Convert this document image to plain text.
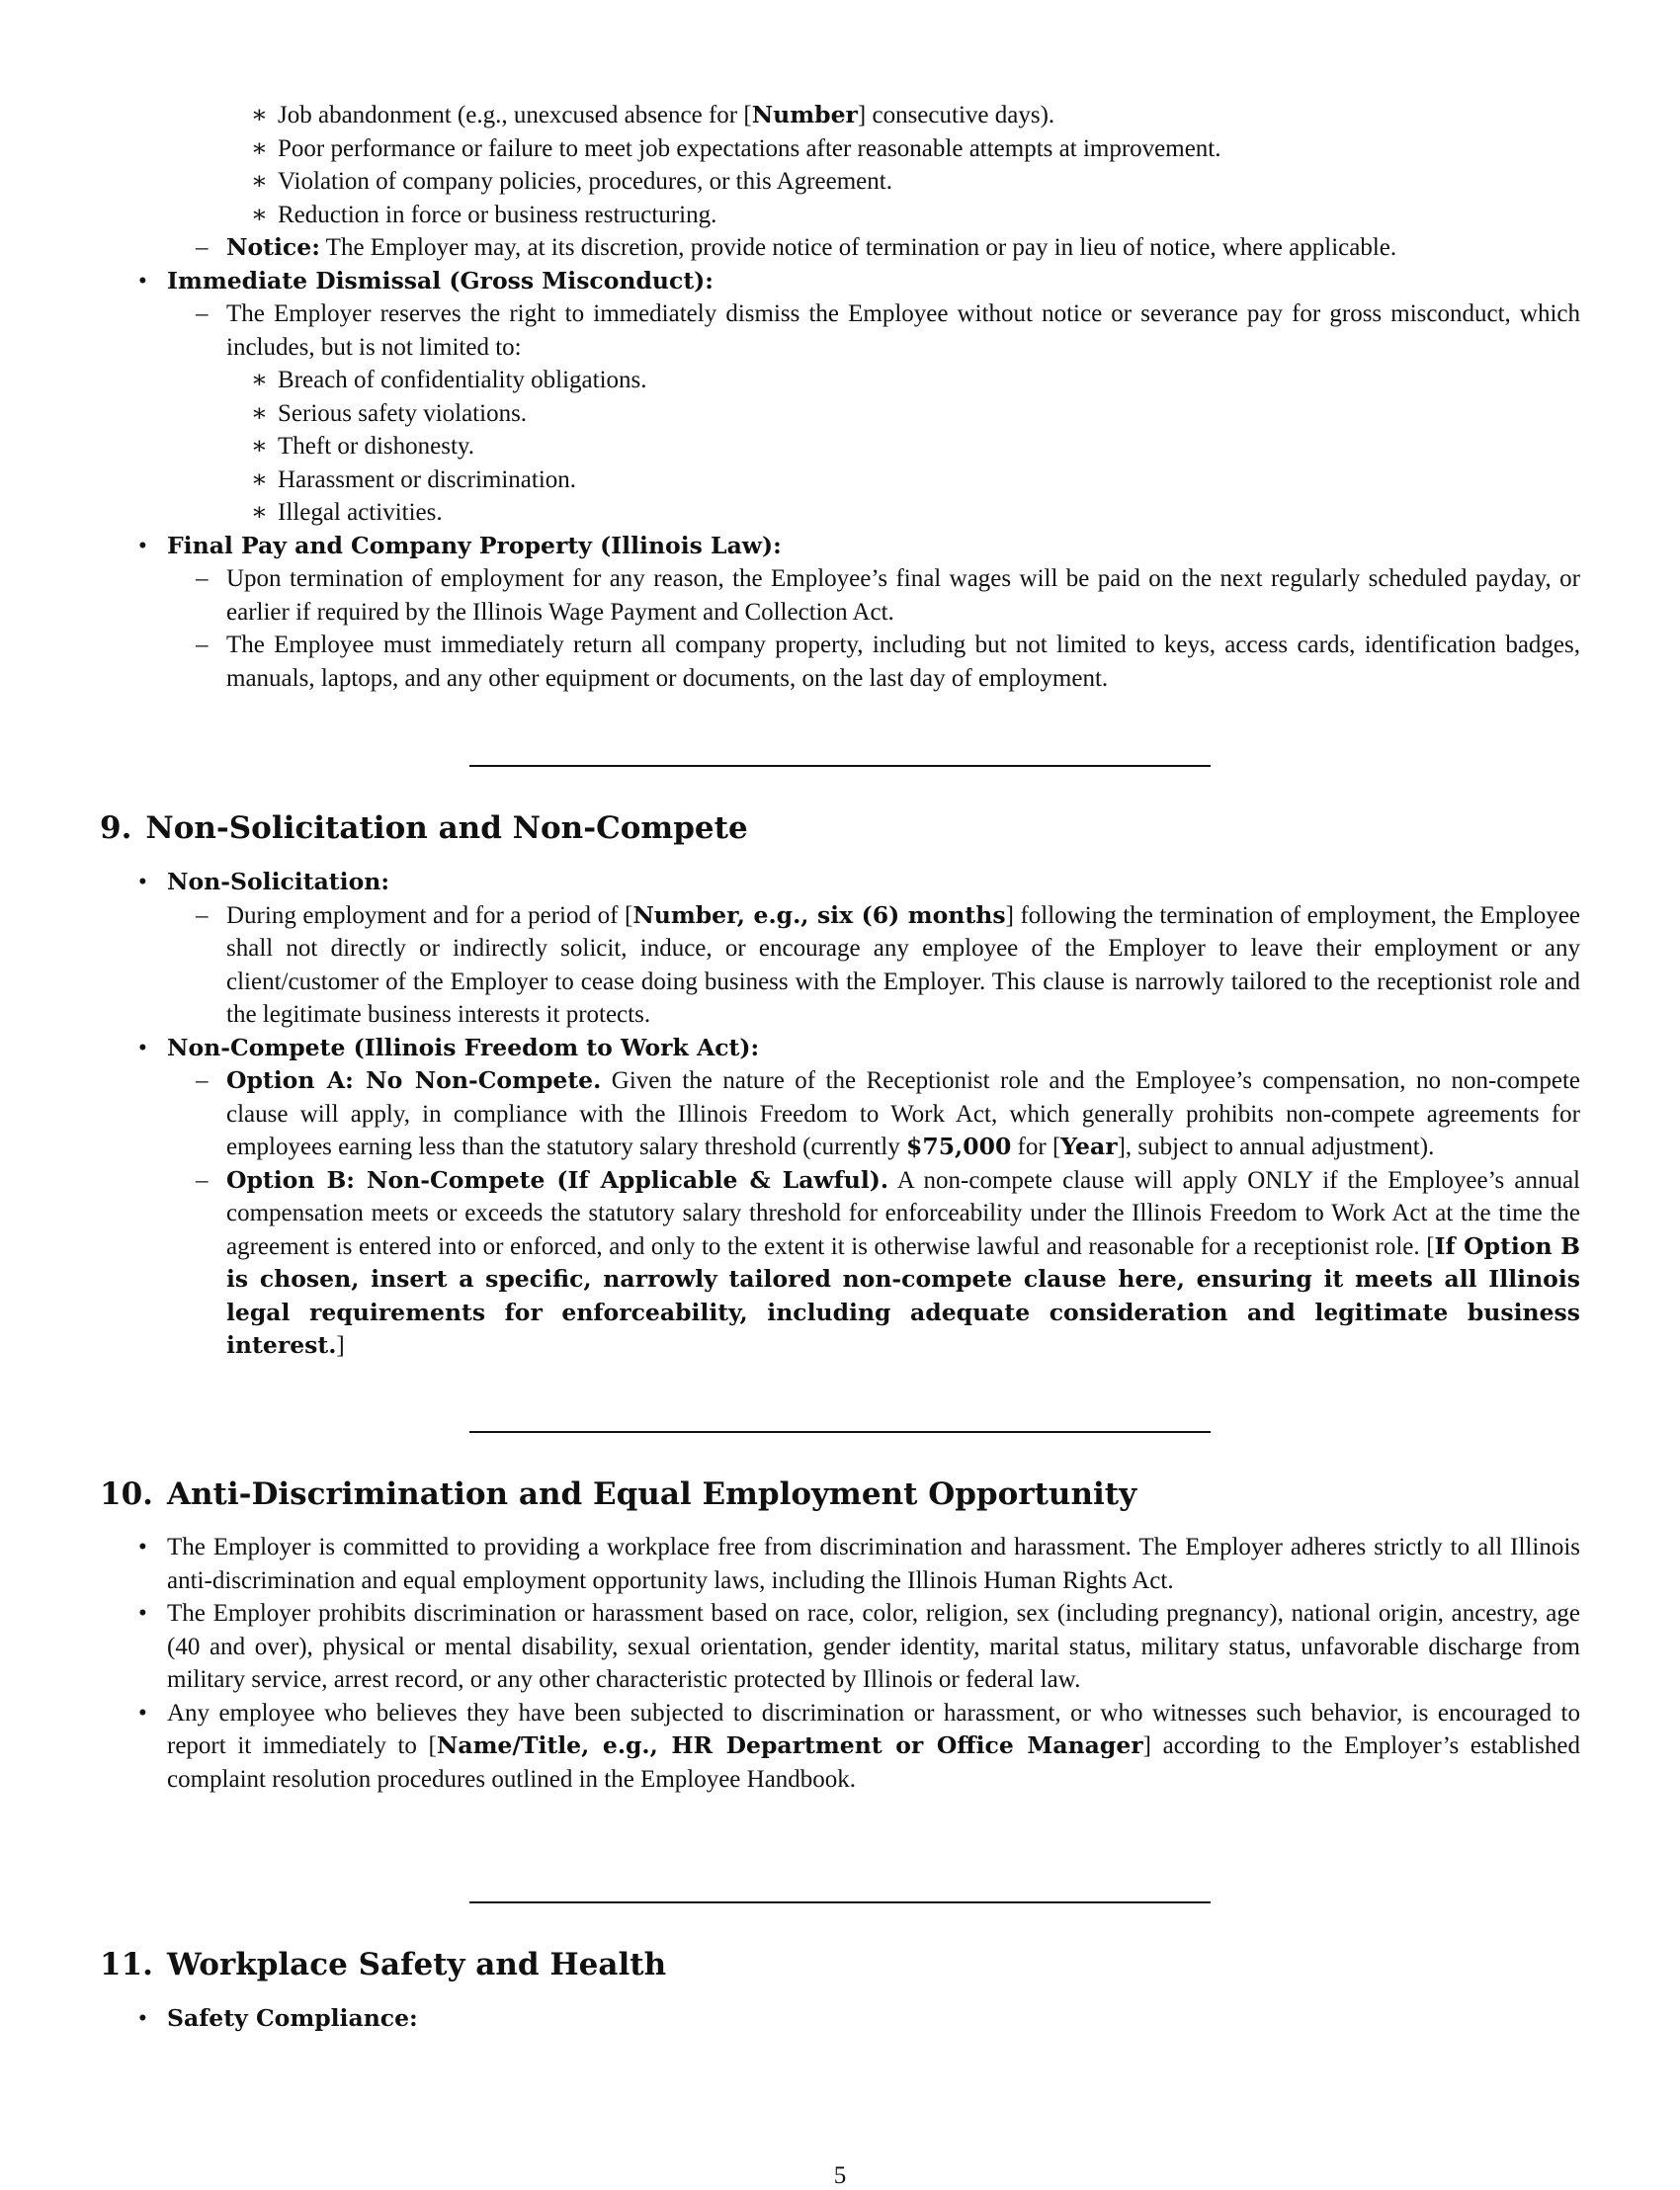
∗ Job abandonment (e.g., unexcused absence for [Number] consecutive days).
∗ Poor performance or failure to meet job expectations after reasonable attempts at improvement.
∗ Violation of company policies, procedures, or this Agreement.
∗ Reduction in force or business restructuring.
– Notice: The Employer may, at its discretion, provide notice of termination or pay in lieu of notice, where applicable.
• Immediate Dismissal (Gross Misconduct):
– The Employer reserves the right to immediately dismiss the Employee without notice or severance pay for gross misconduct, which includes, but is not limited to:
∗ Breach of confidentiality obligations.
∗ Serious safety violations.
∗ Theft or dishonesty.
∗ Harassment or discrimination.
∗ Illegal activities.
• Final Pay and Company Property (Illinois Law):
– Upon termination of employment for any reason, the Employee’s final wages will be paid on the next regularly scheduled payday, or earlier if required by the Illinois Wage Payment and Collection Act.
– The Employee must immediately return all company property, including but not limited to keys, access cards, identification badges, manuals, laptops, and any other equipment or documents, on the last day of employment.
9. Non-Solicitation and Non-Compete
• Non-Solicitation:
– During employment and for a period of [Number, e.g., six (6) months] following the termination of employment, the Employee shall not directly or indirectly solicit, induce, or encourage any employee of the Employer to leave their employment or any client/customer of the Employer to cease doing business with the Employer. This clause is narrowly tailored to the receptionist role and the legitimate business interests it protects.
• Non-Compete (Illinois Freedom to Work Act):
– Option A: No Non-Compete. Given the nature of the Receptionist role and the Employee’s compensation, no non-compete clause will apply, in compliance with the Illinois Freedom to Work Act, which generally prohibits non-compete agreements for employees earning less than the statutory salary threshold (currently $75,000 for [Year], subject to annual adjustment).
– Option B: Non-Compete (If Applicable & Lawful). A non-compete clause will apply ONLY if the Employee’s annual compensation meets or exceeds the statutory salary threshold for enforceability under the Illinois Freedom to Work Act at the time the agreement is entered into or enforced, and only to the extent it is otherwise lawful and reasonable for a receptionist role. [If Option B is chosen, insert a specific, narrowly tailored non-compete clause here, ensuring it meets all Illinois legal requirements for enforceability, including adequate consideration and legitimate business interest.]
10. Anti-Discrimination and Equal Employment Opportunity
• The Employer is committed to providing a workplace free from discrimination and harassment. The Employer adheres strictly to all Illinois anti-discrimination and equal employment opportunity laws, including the Illinois Human Rights Act.
• The Employer prohibits discrimination or harassment based on race, color, religion, sex (including pregnancy), national origin, ancestry, age (40 and over), physical or mental disability, sexual orientation, gender identity, marital status, military status, unfavorable discharge from military service, arrest record, or any other characteristic protected by Illinois or federal law.
• Any employee who believes they have been subjected to discrimination or harassment, or who witnesses such behavior, is encouraged to report it immediately to [Name/Title, e.g., HR Department or Office Manager] according to the Employer’s established complaint resolution procedures outlined in the Employee Handbook.
11. Workplace Safety and Health
• Safety Compliance:
5
